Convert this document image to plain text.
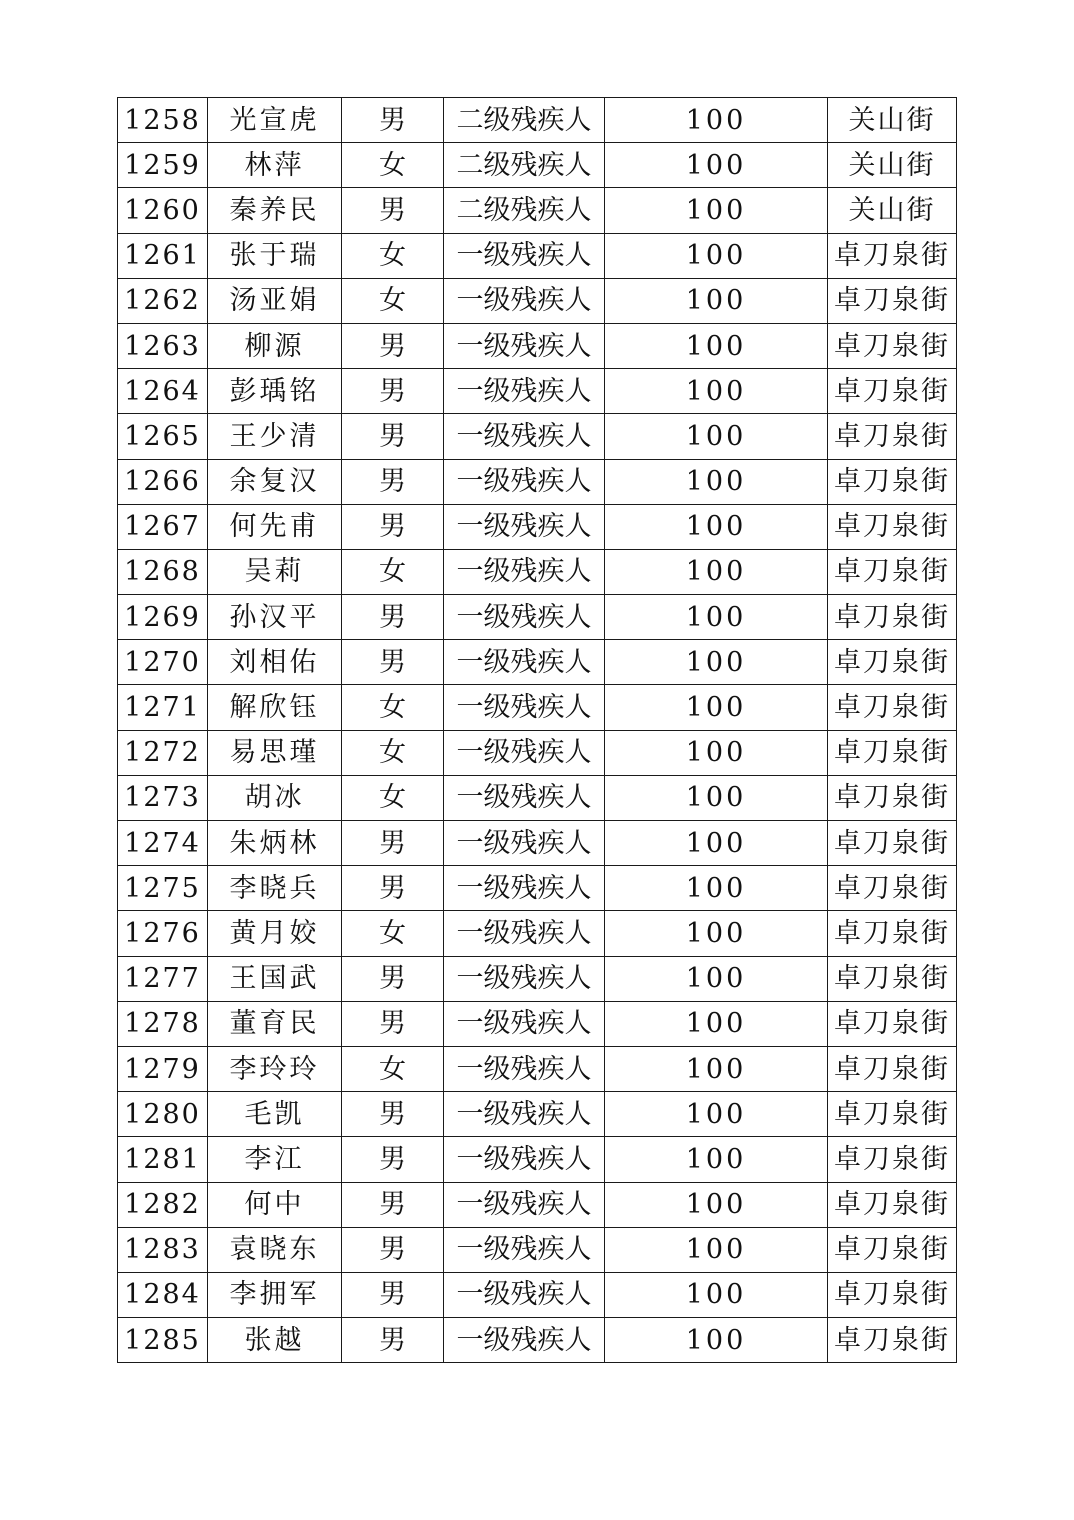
1258	光宣虎	男	二级残疾人	100	关山街
1259	林萍	女	二级残疾人	100	关山街
1260	秦养民	男	二级残疾人	100	关山街
1261	张于瑞	女	一级残疾人	100	卓刀泉街
1262	汤亚娟	女	一级残疾人	100	卓刀泉街
1263	柳源	男	一级残疾人	100	卓刀泉街
1264	彭瑀铭	男	一级残疾人	100	卓刀泉街
1265	王少清	男	一级残疾人	100	卓刀泉街
1266	余复汉	男	一级残疾人	100	卓刀泉街
1267	何先甫	男	一级残疾人	100	卓刀泉街
1268	吴莉	女	一级残疾人	100	卓刀泉街
1269	孙汉平	男	一级残疾人	100	卓刀泉街
1270	刘相佑	男	一级残疾人	100	卓刀泉街
1271	解欣钰	女	一级残疾人	100	卓刀泉街
1272	易思瑾	女	一级残疾人	100	卓刀泉街
1273	胡冰	女	一级残疾人	100	卓刀泉街
1274	朱炳林	男	一级残疾人	100	卓刀泉街
1275	李晓兵	男	一级残疾人	100	卓刀泉街
1276	黄月姣	女	一级残疾人	100	卓刀泉街
1277	王国武	男	一级残疾人	100	卓刀泉街
1278	董育民	男	一级残疾人	100	卓刀泉街
1279	李玲玲	女	一级残疾人	100	卓刀泉街
1280	毛凯	男	一级残疾人	100	卓刀泉街
1281	李江	男	一级残疾人	100	卓刀泉街
1282	何中	男	一级残疾人	100	卓刀泉街
1283	袁晓东	男	一级残疾人	100	卓刀泉街
1284	李拥军	男	一级残疾人	100	卓刀泉街
1285	张越	男	一级残疾人	100	卓刀泉街
